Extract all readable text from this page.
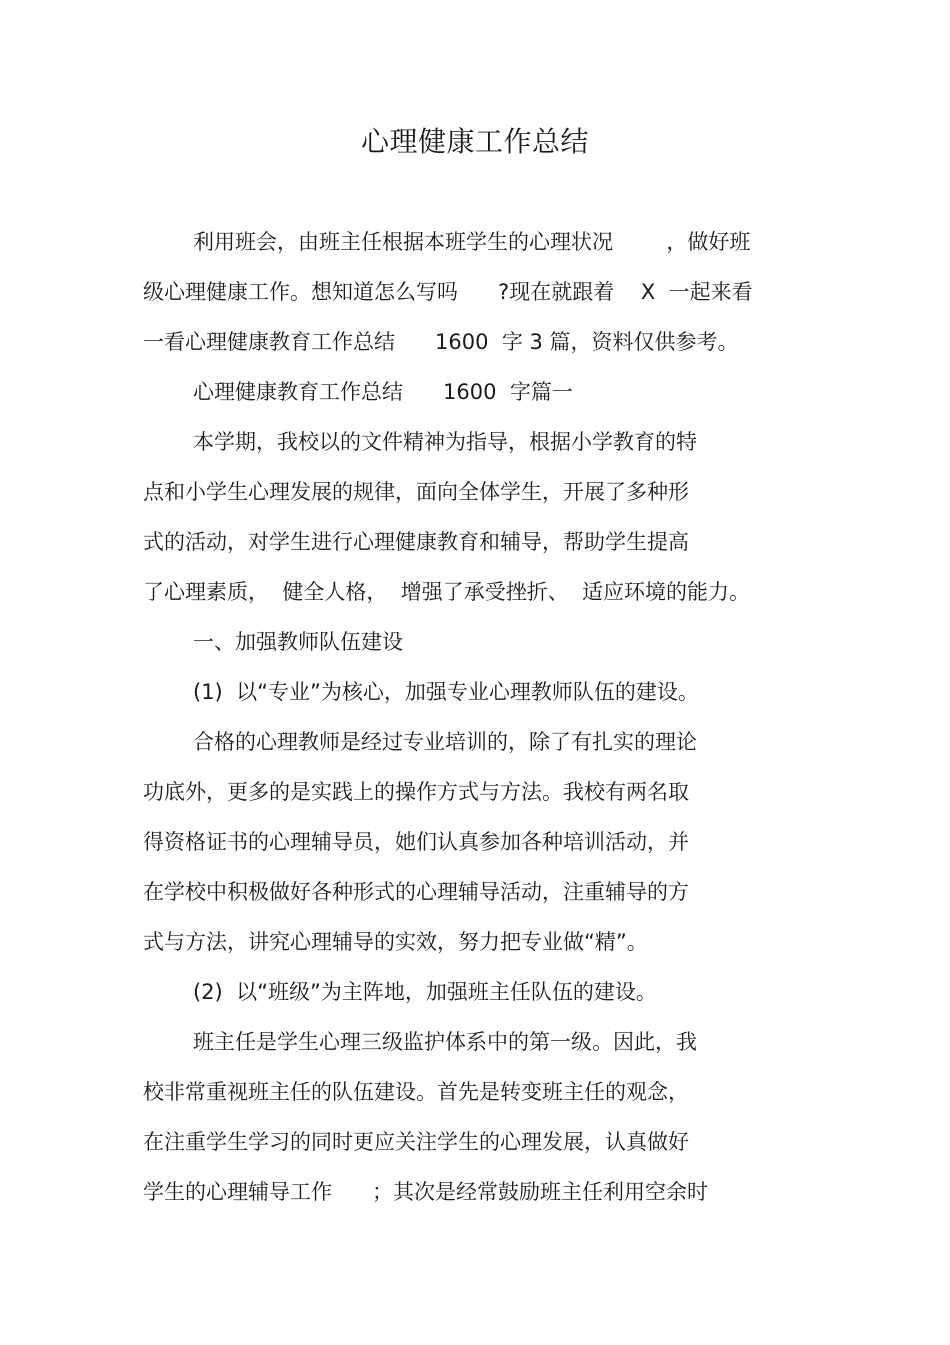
心理健康工作总结
利用班会，由班主任根据本班学生的心理状况        ，做好班
级心理健康工作。想知道怎么写吗      ?现在就跟着    X  一起来看
一看心理健康教育工作总结      1600  字 3 篇，资料仅供参考。
心理健康教育工作总结      1600  字篇一
本学期，我校以的文件精神为指导，根据小学教育的特
点和小学生心理发展的规律，面向全体学生，开展了多种形
式的活动，对学生进行心理健康教育和辅导，帮助学生提高
了心理素质，  健全人格，  增强了承受挫折、  适应环境的能力。
一、加强教师队伍建设
(1)  以“专业”为核心，加强专业心理教师队伍的建设。
合格的心理教师是经过专业培训的，除了有扎实的理论
功底外，更多的是实践上的操作方式与方法。我校有两名取
得资格证书的心理辅导员，她们认真参加各种培训活动，并
在学校中积极做好各种形式的心理辅导活动，注重辅导的方
式与方法，讲究心理辅导的实效，努力把专业做“精”。
(2)  以“班级”为主阵地，加强班主任队伍的建设。
班主任是学生心理三级监护体系中的第一级。因此，我
校非常重视班主任的队伍建设。首先是转变班主任的观念，
在注重学生学习的同时更应关注学生的心理发展，认真做好
学生的心理辅导工作      ；其次是经常鼓励班主任利用空余时
